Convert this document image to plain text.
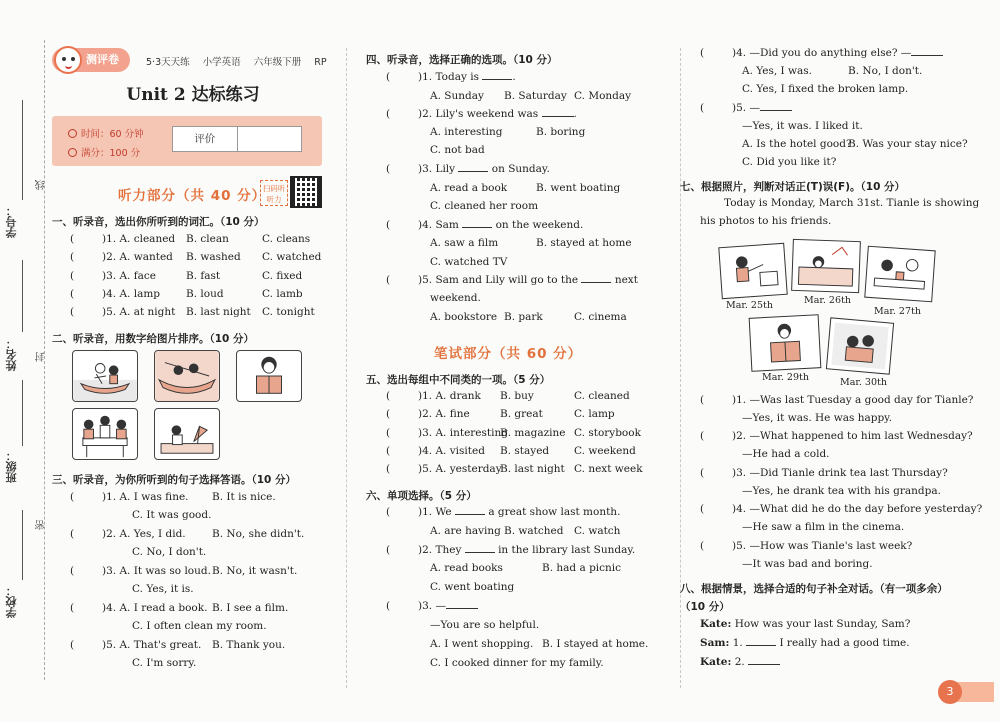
学校：
班级：
姓名：
学号：
线
封
密
测评卷	5·3天天练 小学英语 六年级下册 RP
Unit 2 达标练习
时间：60 分钟
满分：100 分
评价
听力部分（共 40 分）
扫码听听力
一、听录音，选出你所听到的词汇。（10 分）
(	)1. A. cleaned B. clean	C. cleans
(	)2. A. wanted B. washed C. watched
(	)3. A. face	B. fast	C. fixed
(	)4. A. lamp B. loud	C. lamb
(	)5. A. at night B. last night C. tonight
二、听录音，用数字给图片排序。（10 分）
三、听录音，为你所听到的句子选择答语。（10 分）
(	)1. A. I was fine. B. It is nice.
C. It was good.
(	)2. A. Yes, I did.	B. No, she didn't.
C. No, I don't.
(	)3. A. It was so loud. B. No, it wasn't.
C. Yes, it is.
(	)4. A. I read a book. B. I see a film.
C. I often clean my room.
(	)5. A. That's great. B. Thank you.
C. I'm sorry.
四、听录音，选择正确的选项。（10 分）
(	)1. Today is	.
A. Sunday B. Saturday C. Monday
(	)2. Lily's weekend was	.
A. interesting	B. boring
C. not bad
(	)3. Lily	on Sunday.
A. read a book	B. went boating
C. cleaned her room
(	)4. Sam	on the weekend.
A. saw a film	B. stayed at home
C. watched TV
(	)5. Sam and Lily will go to the	next
weekend.
A. bookstore B. park	C. cinema
笔试部分（共 60 分）
五、选出每组中不同类的一项。（5 分）
(	)1. A. drank B. buy	C. cleaned
(	)2. A. fine	B. great	C. lamp
(	)3. A. interesting
B. magazine C. storybook
(	)4. A. visited B. stayed C. weekend
(	)5. A. yesterday
B. last night C. next week
六、单项选择。（5 分）
(	)1. We	a great show last month.
A. are having B. watched C. watch
(	)2. They	in the library last Sunday.
A. read books	B. had a picnic
C. went boating
(	)3. —
—You are so helpful.
A. I went shopping. B. I stayed at home.
C. I cooked dinner for my family.
(	)4. —Did you do anything else? —
A. Yes, I was.	B. No, I don't.
C. Yes, I fixed the broken lamp.
(	)5. —
—Yes, it was. I liked it.
A. Is the hotel good?
B. Was your stay nice?
C. Did you like it?
七、根据照片，判断对话正(T)误(F)。（10 分）
Today is Monday, March 31st. Tianle is showing
his photos to his friends.
Mar. 25th	Mar. 26th
Mar. 27th
Mar. 29th	Mar. 30th
(	)1. —Was last Tuesday a good day for Tianle?
—Yes, it was. He was happy.
(	)2. —What happened to him last Wednesday?
—He had a cold.
(	)3. —Did Tianle drink tea last Thursday?
—Yes, he drank tea with his grandpa.
(	)4. —What did he do the day before yesterday?
—He saw a film in the cinema.
(	)5. —How was Tianle's last week?
—It was bad and boring.
八、根据情景，选择合适的句子补全对话。（有一项多余）
（10 分）
Kate: How was your last Sunday, Sam?
Sam: 1.	I really had a good time.
Kate: 2.
3
